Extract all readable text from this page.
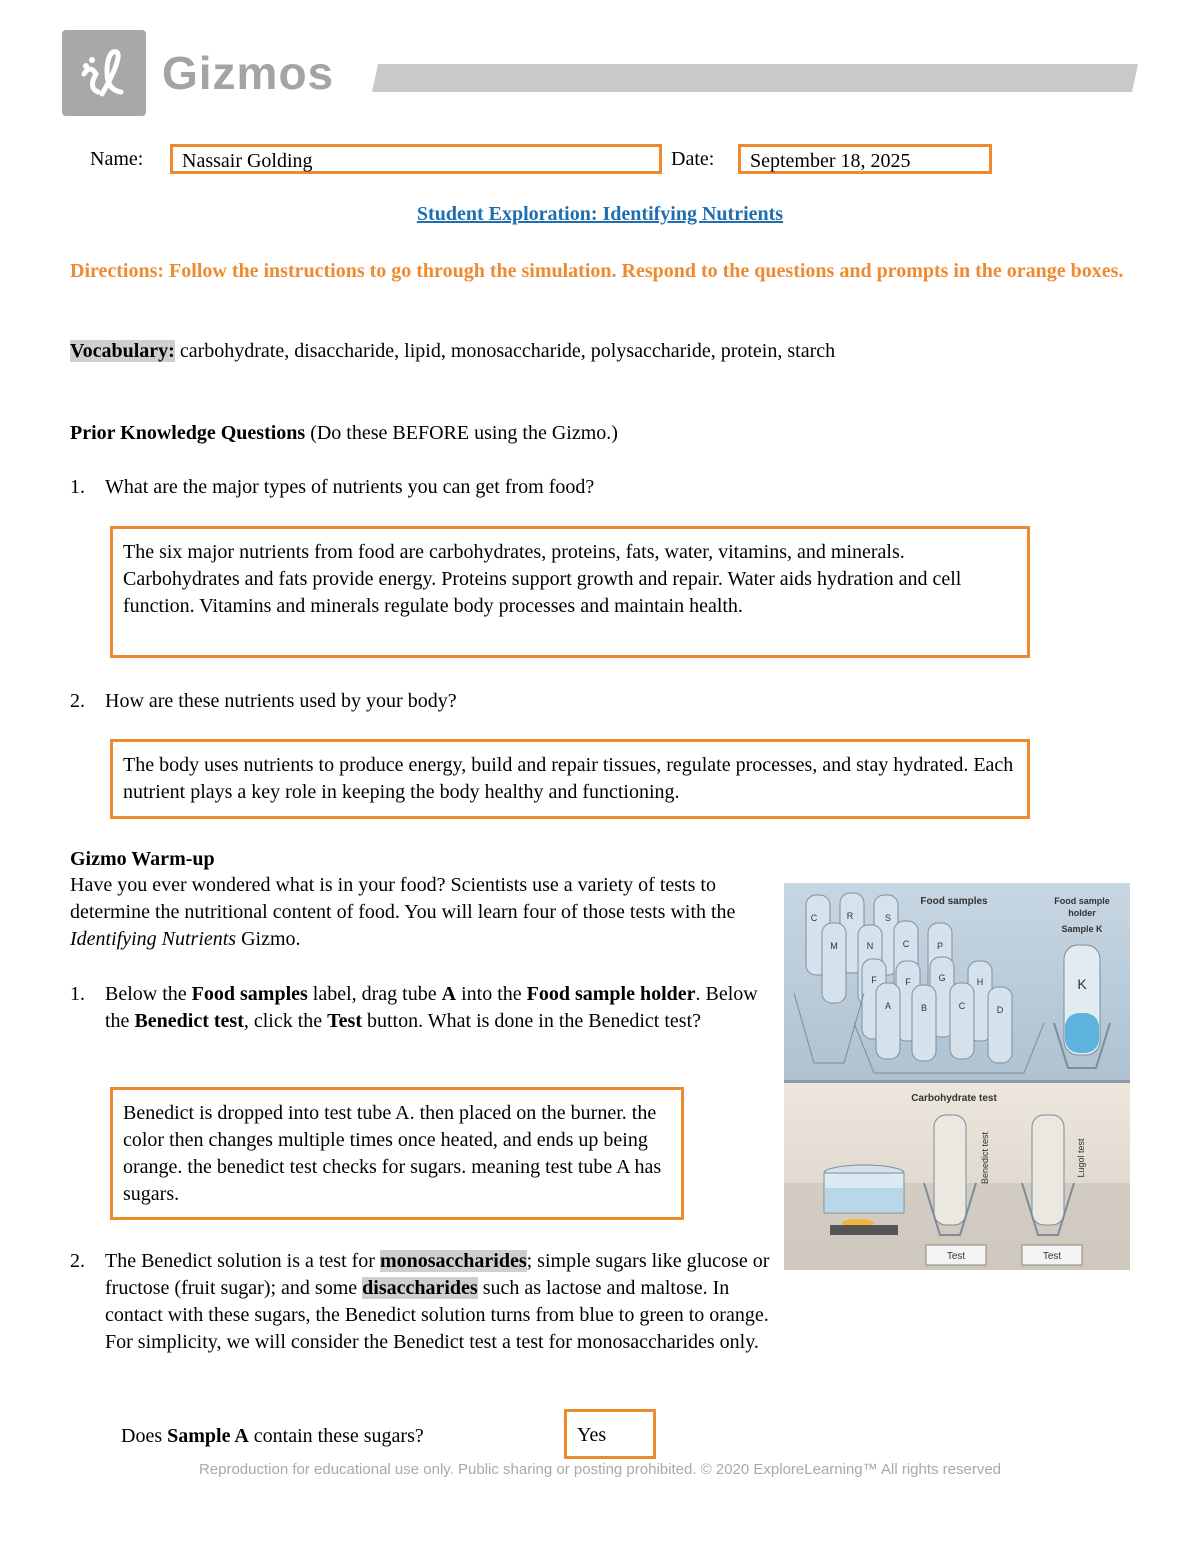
Gizmos
Name:	Nassair Golding	Date:	September 18, 2025
Student Exploration: Identifying Nutrients
Directions: Follow the instructions to go through the simulation. Respond to the questions and prompts in the orange boxes.
Vocabulary: carbohydrate, disaccharide, lipid, monosaccharide, polysaccharide, protein, starch
Prior Knowledge Questions (Do these BEFORE using the Gizmo.)
1. What are the major types of nutrients you can get from food?
The six major nutrients from food are carbohydrates, proteins, fats, water, vitamins, and minerals. Carbohydrates and fats provide energy. Proteins support growth and repair. Water aids hydration and cell function. Vitamins and minerals regulate body processes and maintain health.
2. How are these nutrients used by your body?
The body uses nutrients to produce energy, build and repair tissues, regulate processes, and stay hydrated. Each nutrient plays a key role in keeping the body healthy and functioning.
Gizmo Warm-up
Have you ever wondered what is in your food? Scientists use a variety of tests to determine the nutritional content of food. You will learn four of those tests with the Identifying Nutrients Gizmo.
1. Below the Food samples label, drag tube A into the Food sample holder. Below the Benedict test, click the Test button. What is done in the Benedict test?
Benedict is dropped into test tube A. then placed on the burner. the color then changes multiple times once heated, and ends up being orange. the benedict test checks for sugars. meaning test tube A has sugars.
2. The Benedict solution is a test for monosaccharides; simple sugars like glucose or fructose (fruit sugar); and some disaccharides such as lactose and maltose. In contact with these sugars, the Benedict solution turns from blue to green to orange. For simplicity, we will consider the Benedict test a test for monosaccharides only.
Does Sample A contain these sugars?	Yes
Food samples	Food sample
holder
Sample K
C	R	S
M	N	C	P
F	F	G	H
A	B	C	D
K
Carbohydrate test
Benedict test	Lugol test
Test	Test
Reproduction for educational use only. Public sharing or posting prohibited. © 2020 ExploreLearning™ All rights reserved
